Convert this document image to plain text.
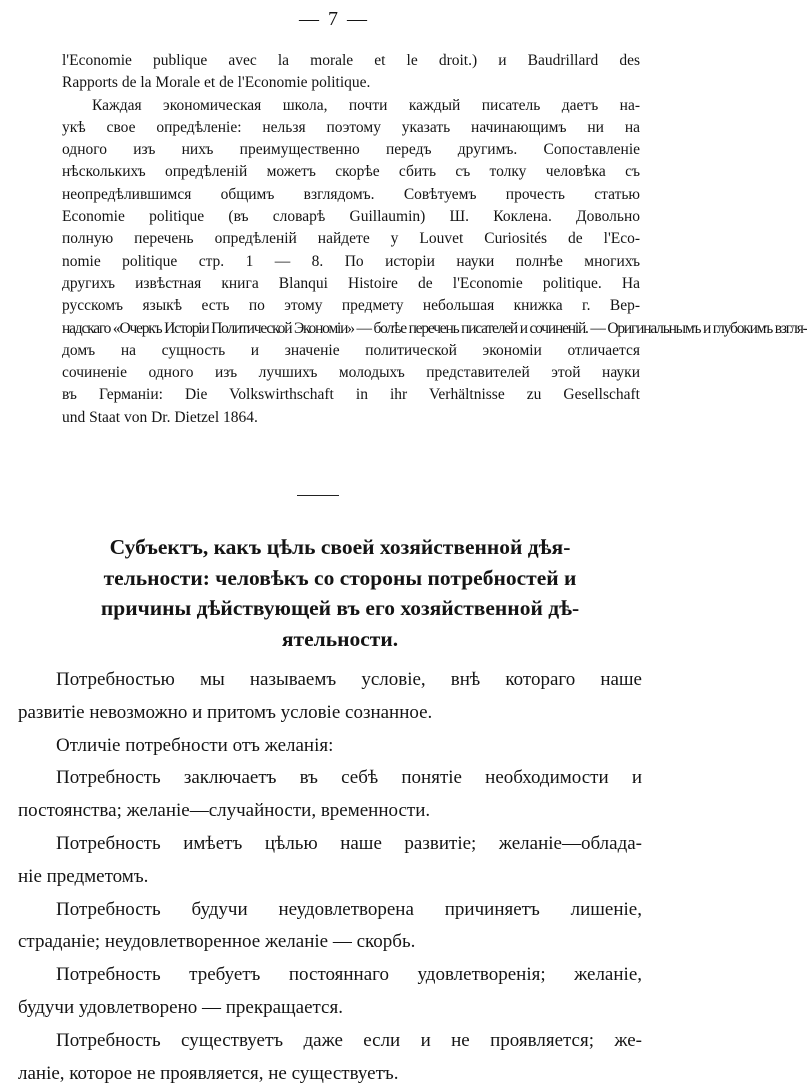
— 7 —

l'Economie publique avec la morale et le droit.) и Baudrillard des
Rapports de la Morale et de l'Economie politique.

Каждая экономическая школа, почти каждый писатель даетъ на-
укѣ свое опредѣленіе: нельзя поэтому указать начинающимъ ни на
одного изъ нихъ преимущественно передъ другимъ. Сопоставленіе
нѣсколькихъ опредѣленій можетъ скорѣе сбить съ толку человѣка съ
неопредѣлившимся общимъ взглядомъ. Совѣтуемъ прочесть статью
Economie politique (въ словарѣ Guillaumin) Ш. Коклена. Довольно
полную перечень опредѣленій найдете у Louvet Curiosités de l'Eco-
nomie politique стр. 1 — 8. По исторіи науки полнѣе многихъ
другихъ извѣстная книга Blanqui Histoire de l'Economie politique. На
русскомъ языкѣ есть по этому предмету небольшая книжка г. Вер-
надскаго «Очеркъ Исторіи Политической Экономіи» — болѣе перечень писателей и сочиненій. — Оригинальнымъ и глубокимъ взгля-
домъ на сущность и значеніе политической экономіи отличается
сочиненіе одного изъ лучшихъ молодыхъ представителей этой науки
въ Германіи: Die Volkswirthschaft in ihr Verhältnisse zu Gesellschaft
und Staat von Dr. Dietzel 1864.

Субъектъ, какъ цѣль своей хозяйственной дѣя-
тельности: человѣкъ со стороны потребностей и
причины дѣйствующей въ его хозяйственной дѣ-
ятельности.

Потребностью мы называемъ условіе, внѣ котораго наше
развитіе невозможно и притомъ условіе сознанное.

Отличіе потребности отъ желанія:

Потребность заключаетъ въ себѣ понятіе необходимости и
постоянства; желаніе—случайности, временности.

Потребность имѣетъ цѣлью наше развитіе; желаніе—облада-
ніе предметомъ.

Потребность будучи неудовлетворена причиняетъ лишеніе,
страданіе; неудовлетворенное желаніе — скорбь.

Потребность требуетъ постояннаго удовлетворенія; желаніе,
будучи удовлетворено — прекращается.

Потребность существуетъ даже если и не проявляется; же-
ланіе, которое не проявляется, не существуетъ.
